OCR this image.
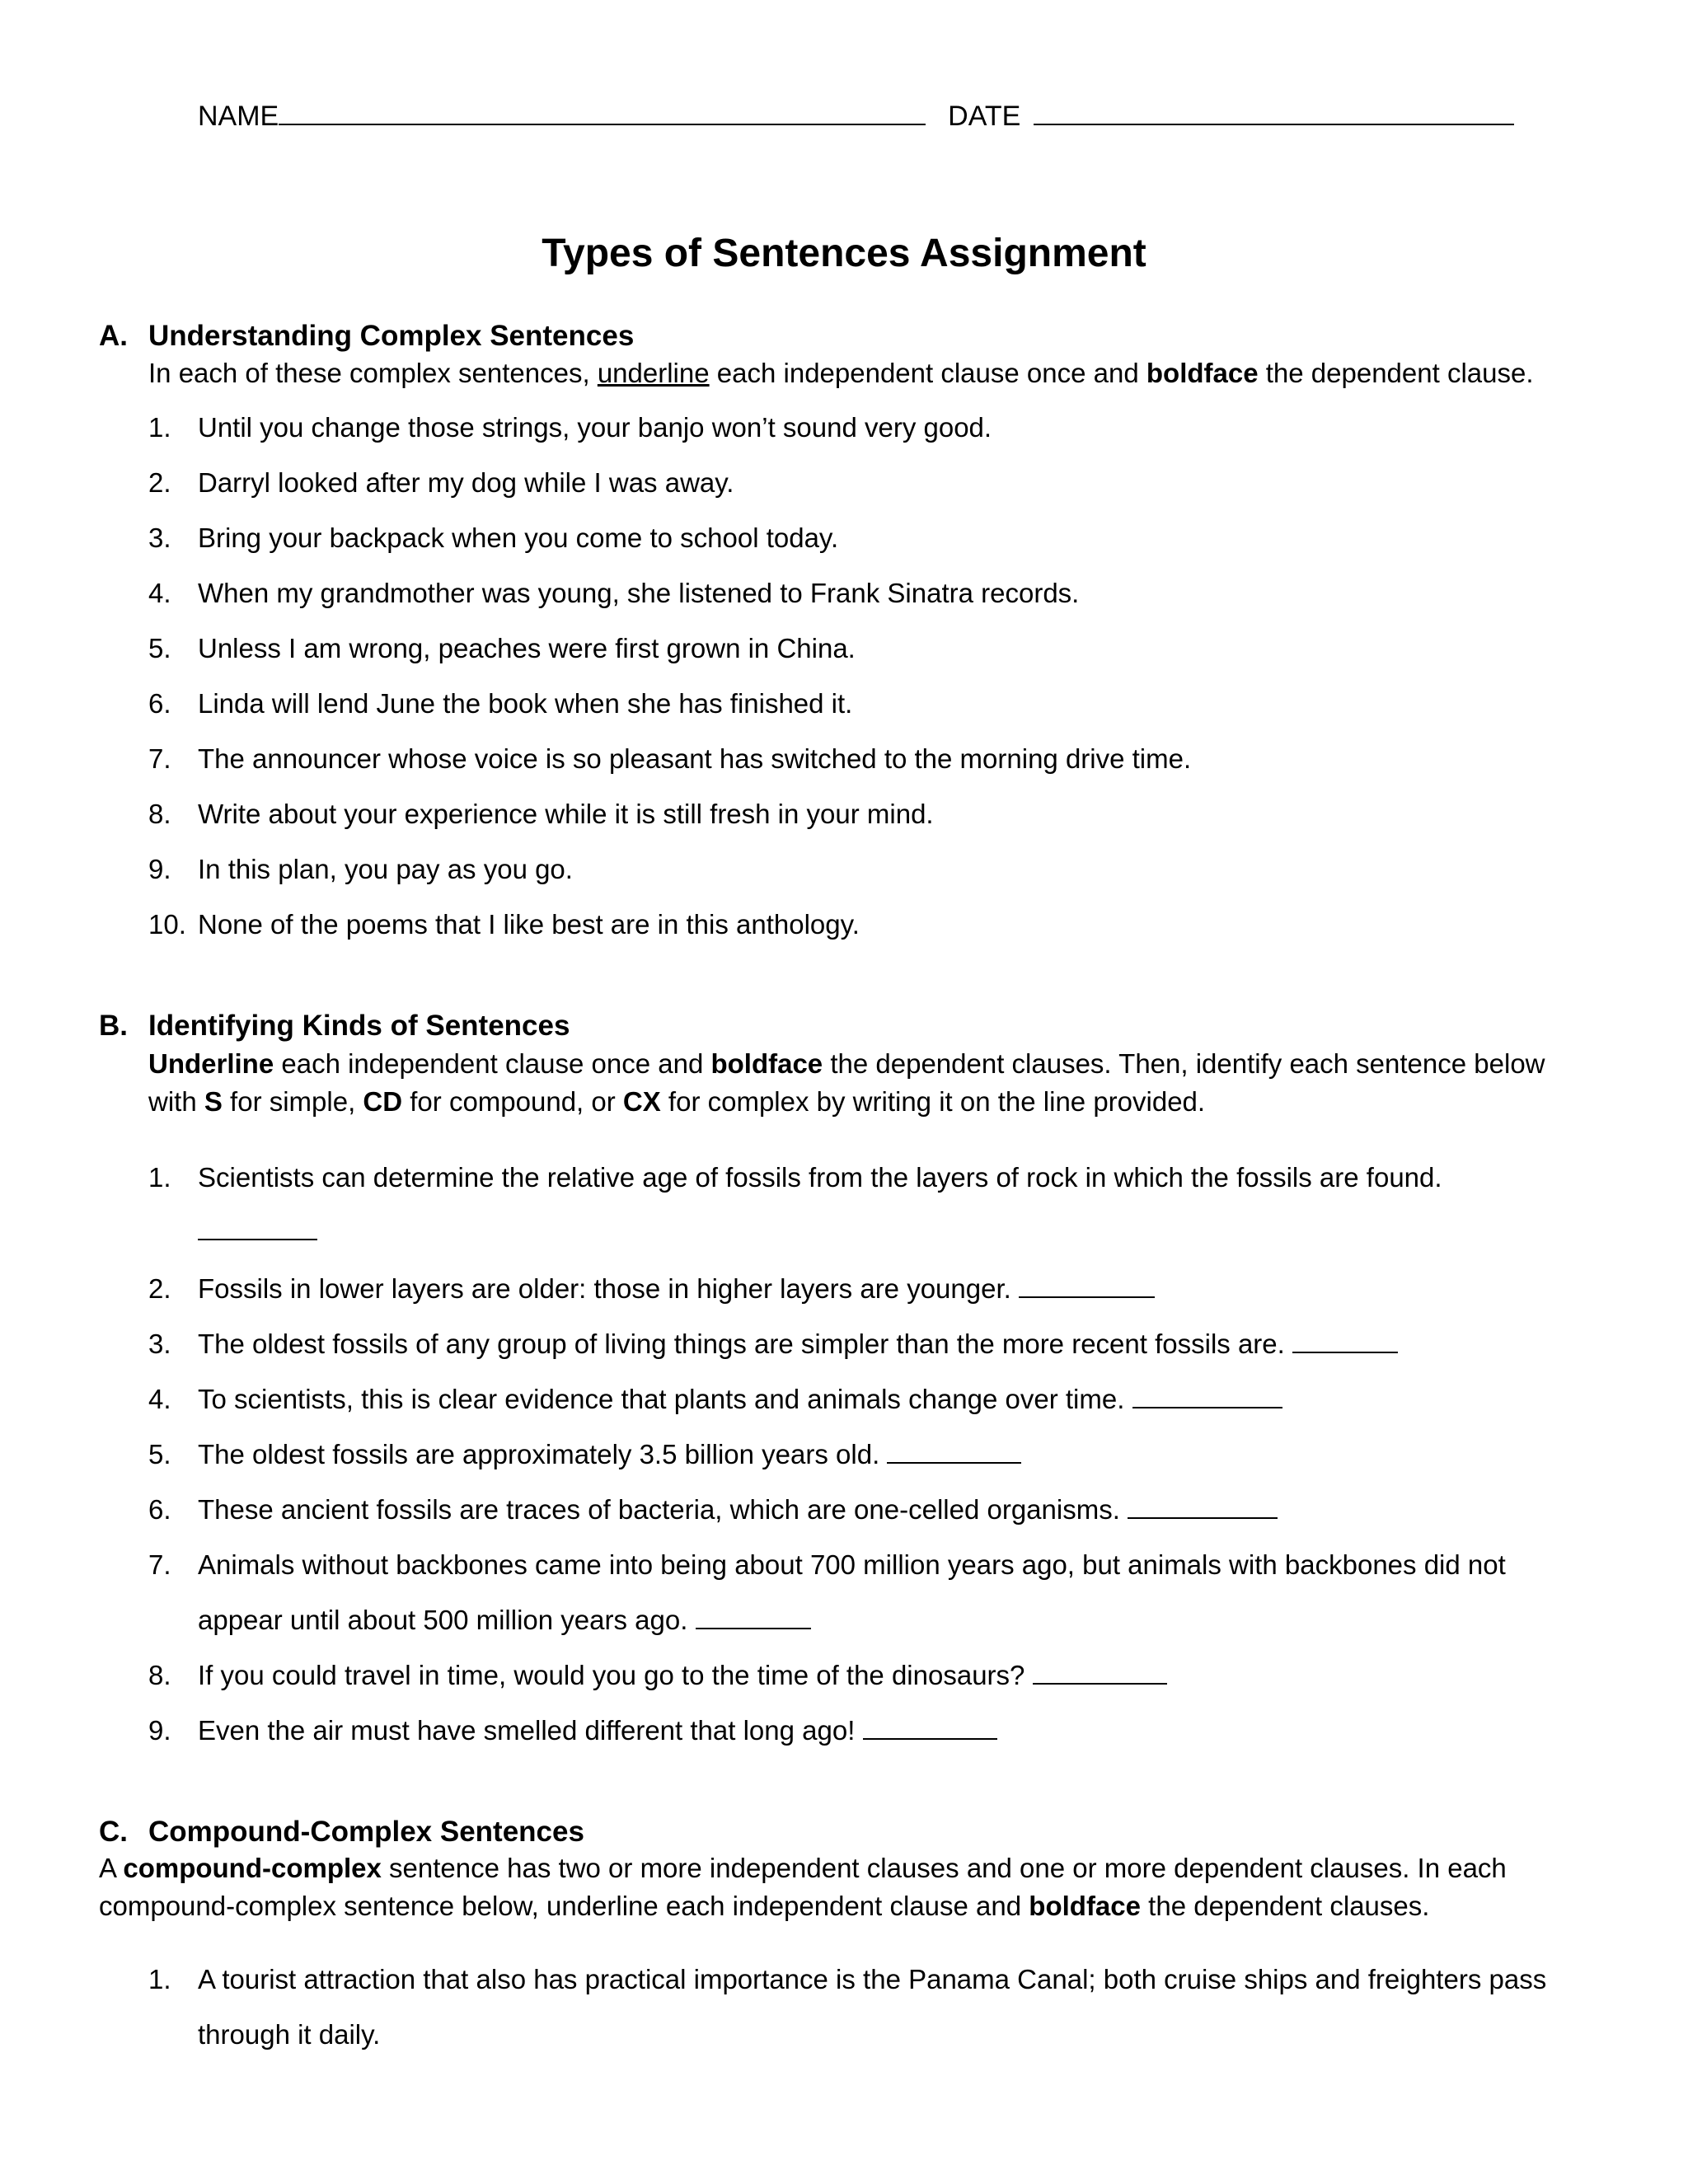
NAME	DATE
Types of Sentences Assignment
A. Understanding Complex Sentences
In each of these complex sentences, underline each independent clause once and boldface the dependent clause.
1. Until you change those strings, your banjo won’t sound very good.
2. Darryl looked after my dog while I was away.
3. Bring your backpack when you come to school today.
4. When my grandmother was young, she listened to Frank Sinatra records.
5. Unless I am wrong, peaches were first grown in China.
6. Linda will lend June the book when she has finished it.
7. The announcer whose voice is so pleasant has switched to the morning drive time.
8. Write about your experience while it is still fresh in your mind.
9. In this plan, you pay as you go.
10. None of the poems that I like best are in this anthology.
B. Identifying Kinds of Sentences
Underline each independent clause once and boldface the dependent clauses. Then, identify each sentence below
with S for simple, CD for compound, or CX for complex by writing it on the line provided.
1. Scientists can determine the relative age of fossils from the layers of rock in which the fossils are found.
2. Fossils in lower layers are older: those in higher layers are younger.
3. The oldest fossils of any group of living things are simpler than the more recent fossils are.
4. To scientists, this is clear evidence that plants and animals change over time.
5. The oldest fossils are approximately 3.5 billion years old.
6. These ancient fossils are traces of bacteria, which are one-celled organisms.
7. Animals without backbones came into being about 700 million years ago, but animals with backbones did not
appear until about 500 million years ago.
8. If you could travel in time, would you go to the time of the dinosaurs?
9. Even the air must have smelled different that long ago!
C. Compound-Complex Sentences
A compound-complex sentence has two or more independent clauses and one or more dependent clauses. In each
compound-complex sentence below, underline each independent clause and boldface the dependent clauses.
1. A tourist attraction that also has practical importance is the Panama Canal; both cruise ships and freighters pass
through it daily.
